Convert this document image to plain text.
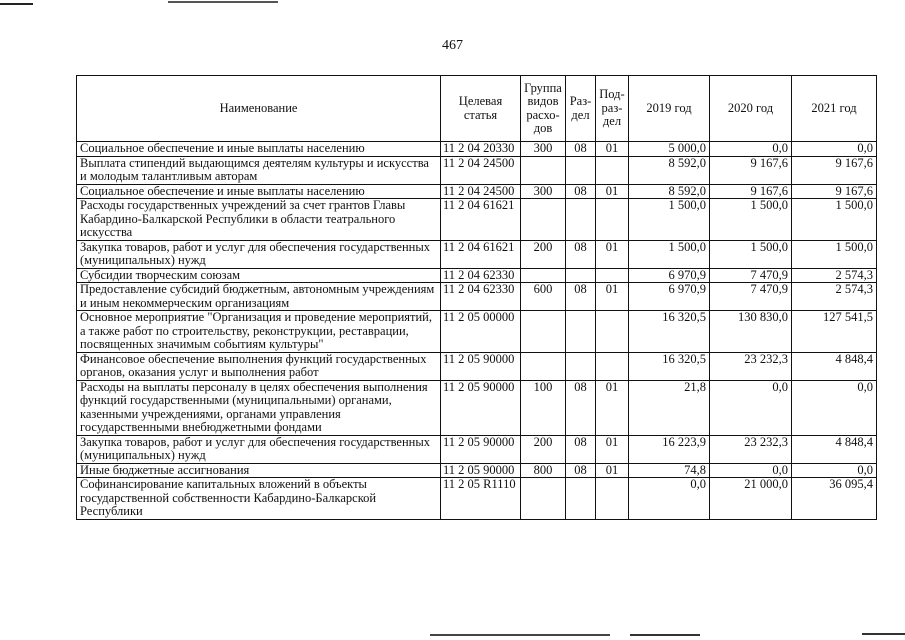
467
Наименование	Целевая статья	Группа видов расхо-дов	Раз-дел	Под-раз-дел	2019 год	2020 год	2021 год
Социальное обеспечение и иные выплаты населению	11 2 04 20330	300	08	01	5 000,0	0,0	0,0
Выплата стипендий выдающимся деятелям культуры и искусства и молодым талантливым авторам	11 2 04 24500				8 592,0	9 167,6	9 167,6
Социальное обеспечение и иные выплаты населению	11 2 04 24500	300	08	01	8 592,0	9 167,6	9 167,6
Расходы государственных учреждений за счет грантов Главы Кабардино-Балкарской Республики в области театрального искусства	11 2 04 61621				1 500,0	1 500,0	1 500,0
Закупка товаров, работ и услуг для обеспечения государственных (муниципальных) нужд	11 2 04 61621	200	08	01	1 500,0	1 500,0	1 500,0
Субсидии творческим союзам	11 2 04 62330				6 970,9	7 470,9	2 574,3
Предоставление субсидий бюджетным, автономным учреждениям и иным некоммерческим организациям	11 2 04 62330	600	08	01	6 970,9	7 470,9	2 574,3
Основное мероприятие "Организация и проведение мероприятий, а также работ по строительству, реконструкции, реставрации, посвященных значимым событиям культуры"	11 2 05 00000				16 320,5	130 830,0	127 541,5
Финансовое обеспечение выполнения функций государственных органов, оказания услуг и выполнения работ	11 2 05 90000				16 320,5	23 232,3	4 848,4
Расходы на выплаты персоналу в целях обеспечения выполнения функций государственными (муниципальными) органами, казенными учреждениями, органами управления государственными внебюджетными фондами	11 2 05 90000	100	08	01	21,8	0,0	0,0
Закупка товаров, работ и услуг для обеспечения государственных (муниципальных) нужд	11 2 05 90000	200	08	01	16 223,9	23 232,3	4 848,4
Иные бюджетные ассигнования	11 2 05 90000	800	08	01	74,8	0,0	0,0
Софинансирование капитальных вложений в объекты государственной собственности Кабардино-Балкарской Республики	11 2 05 R1110				0,0	21 000,0	36 095,4
